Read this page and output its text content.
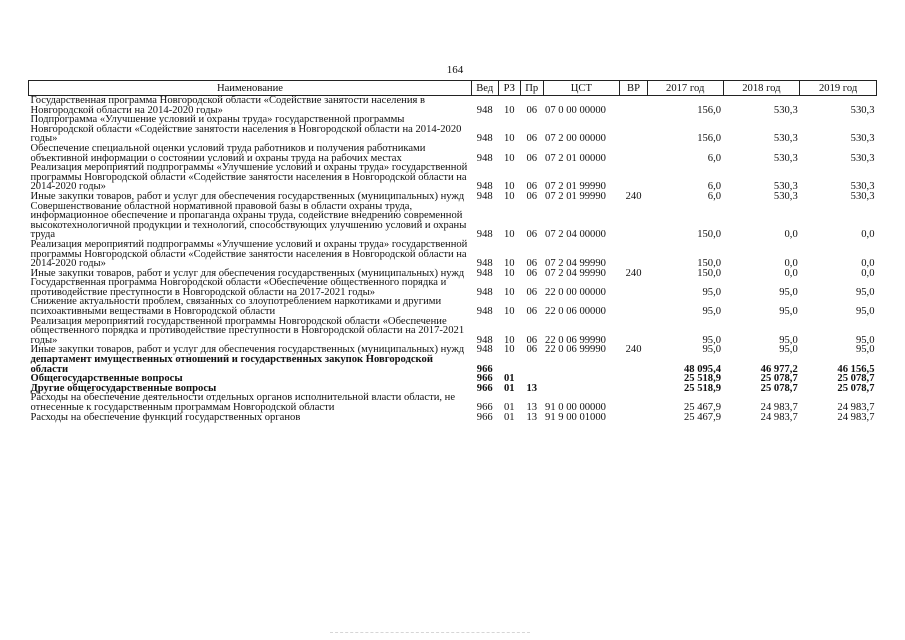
164
Наименование	Вед	РЗ	Пр	ЦСТ	ВР	2017 год	2018 год	2019 год
Государственная программа Новгородской области «Содействие занятости населения в Новгородской области на 2014-2020 годы»	948	10	06	07 0 00 00000		156,0	530,3	530,3
Подпрограмма «Улучшение условий и охраны труда» государственной программы Новгородской области «Содействие занятости населения в Новгородской области на 2014-2020 годы»	948	10	06	07 2 00 00000		156,0	530,3	530,3
Обеспечение специальной оценки условий труда работников и получения работниками объективной информации о состоянии условий и охраны труда на рабочих местах	948	10	06	07 2 01 00000		6,0	530,3	530,3
Реализация мероприятий подпрограммы «Улучшение условий и охраны труда» государственной программы Новгородской области «Содействие занятости населения в Новгородской области на 2014-2020 годы»	948	10	06	07 2 01 99990		6,0	530,3	530,3
Иные закупки товаров, работ и услуг для обеспечения государственных (муниципальных) нужд	948	10	06	07 2 01 99990	240	6,0	530,3	530,3
Совершенствование областной нормативной правовой базы в области охраны труда, информационное обеспечение и пропаганда охраны труда, содействие внедрению современной высокотехнологичной продукции и технологий, способствующих улучшению условий и охраны труда	948	10	06	07 2 04 00000		150,0	0,0	0,0
Реализация мероприятий подпрограммы «Улучшение условий и охраны труда» государственной программы Новгородской области «Содействие занятости населения в Новгородской области на 2014-2020 годы»	948	10	06	07 2 04 99990		150,0	0,0	0,0
Иные закупки товаров, работ и услуг для обеспечения государственных (муниципальных) нужд	948	10	06	07 2 04 99990	240	150,0	0,0	0,0
Государственная программа Новгородской области «Обеспечение общественного порядка и противодействие преступности в Новгородской области на 2017-2021 годы»	948	10	06	22 0 00 00000		95,0	95,0	95,0
Снижение актуальности проблем, связанных со злоупотреблением наркотиками и другими психоактивными веществами в Новгородской области	948	10	06	22 0 06 00000		95,0	95,0	95,0
Реализация мероприятий государственной программы Новгородской области «Обеспечение общественного порядка и противодействие преступности в Новгородской области на 2017-2021 годы»	948	10	06	22 0 06 99990		95,0	95,0	95,0
Иные закупки товаров, работ и услуг для обеспечения государственных (муниципальных) нужд	948	10	06	22 0 06 99990	240	95,0	95,0	95,0
департамент имущественных отношений и государственных закупок Новгородской области	966					48 095,4	46 977,2	46 156,5
Общегосударственные вопросы	966	01				25 518,9	25 078,7	25 078,7
Другие общегосударственные вопросы	966	01	13			25 518,9	25 078,7	25 078,7
Расходы на обеспечение деятельности отдельных органов исполнительной власти области, не отнесенные к государственным программам Новгородской области	966	01	13	91 0 00 00000		25 467,9	24 983,7	24 983,7
Расходы на обеспечение функций государственных органов	966	01	13	91 9 00 01000		25 467,9	24 983,7	24 983,7
